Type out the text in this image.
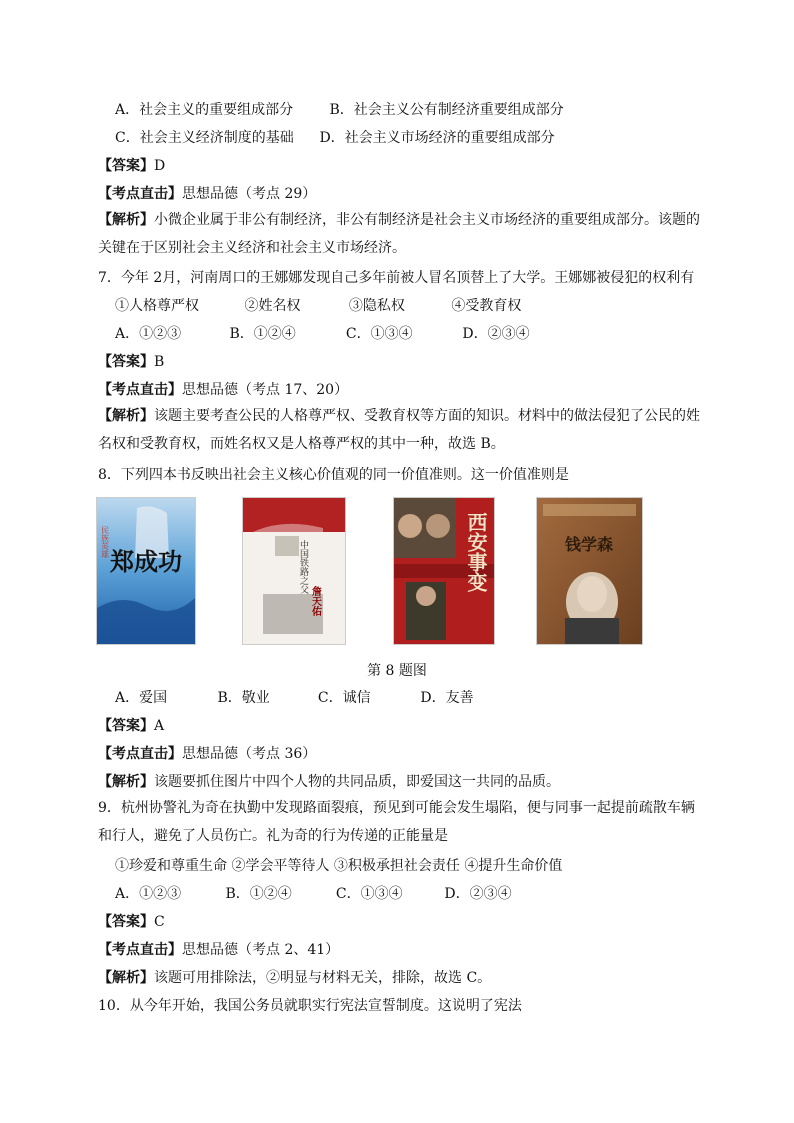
A．社会主义的重要组成部分	B．社会主义公有制经济重要组成部分
C．社会主义经济制度的基础 D．社会主义市场经济的重要组成部分
【答案】D
【考点直击】思想品德（考点 29）
【解析】小微企业属于非公有制经济，非公有制经济是社会主义市场经济的重要组成部分。该题的关键在于区别社会主义经济和社会主义市场经济。
7．今年 2月，河南周口的王娜娜发现自己多年前被人冒名顶替上了大学。王娜娜被侵犯的权利有
①人格尊严权	②姓名权	③隐私权	④受教育权
A．①②③	B．①②④	C．①③④	D．②③④
【答案】B
【考点直击】思想品德（考点 17、20）
【解析】该题主要考查公民的人格尊严权、受教育权等方面的知识。材料中的做法侵犯了公民的姓名权和受教育权，而姓名权又是人格尊严权的其中一种，故选 B。
8．下列四本书反映出社会主义核心价值观的同一价值准则。这一价值准则是
民族英雄
郑成功	中国铁路之父
詹天佑
西安事变	钱学森
第 8 题图
A．爱国	B．敬业	C．诚信	D．友善
【答案】A
【考点直击】思想品德（考点 36）
【解析】该题要抓住图片中四个人物的共同品质，即爱国这一共同的品质。
9．杭州协警礼为奇在执勤中发现路面裂痕，预见到可能会发生塌陷，便与同事一起提前疏散车辆和行人，避免了人员伤亡。礼为奇的行为传递的正能量是
①珍爱和尊重生命 ②学会平等待人 ③积极承担社会责任 ④提升生命价值
A．①②③	B．①②④	C．①③④	D．②③④
【答案】C
【考点直击】思想品德（考点 2、41）
【解析】该题可用排除法，②明显与材料无关，排除，故选 C。
10．从今年开始，我国公务员就职实行宪法宣誓制度。这说明了宪法
